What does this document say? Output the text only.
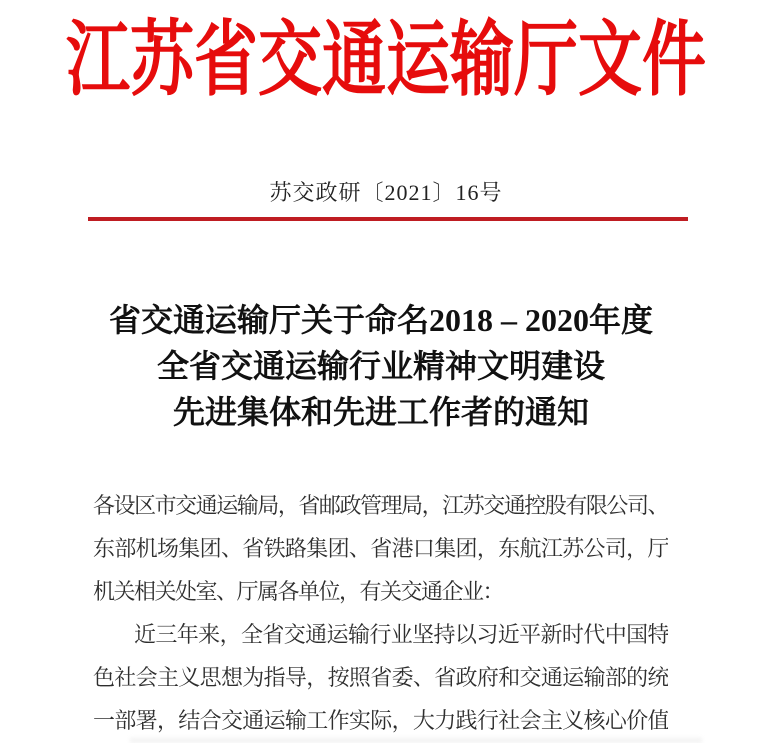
江苏省交通运输厅文件
苏交政研〔2021〕16号
省交通运输厅关于命名2018 – 2020年度
全省交通运输行业精神文明建设
先进集体和先进工作者的通知
各设区市交通运输局，省邮政管理局，江苏交通控股有限公司、
东部机场集团、省铁路集团、省港口集团，东航江苏公司，厅
机关相关处室、厅属各单位，有关交通企业：
近三年来，全省交通运输行业坚持以习近平新时代中国特
色社会主义思想为指导，按照省委、省政府和交通运输部的统
一部署，结合交通运输工作实际，大力践行社会主义核心价值
